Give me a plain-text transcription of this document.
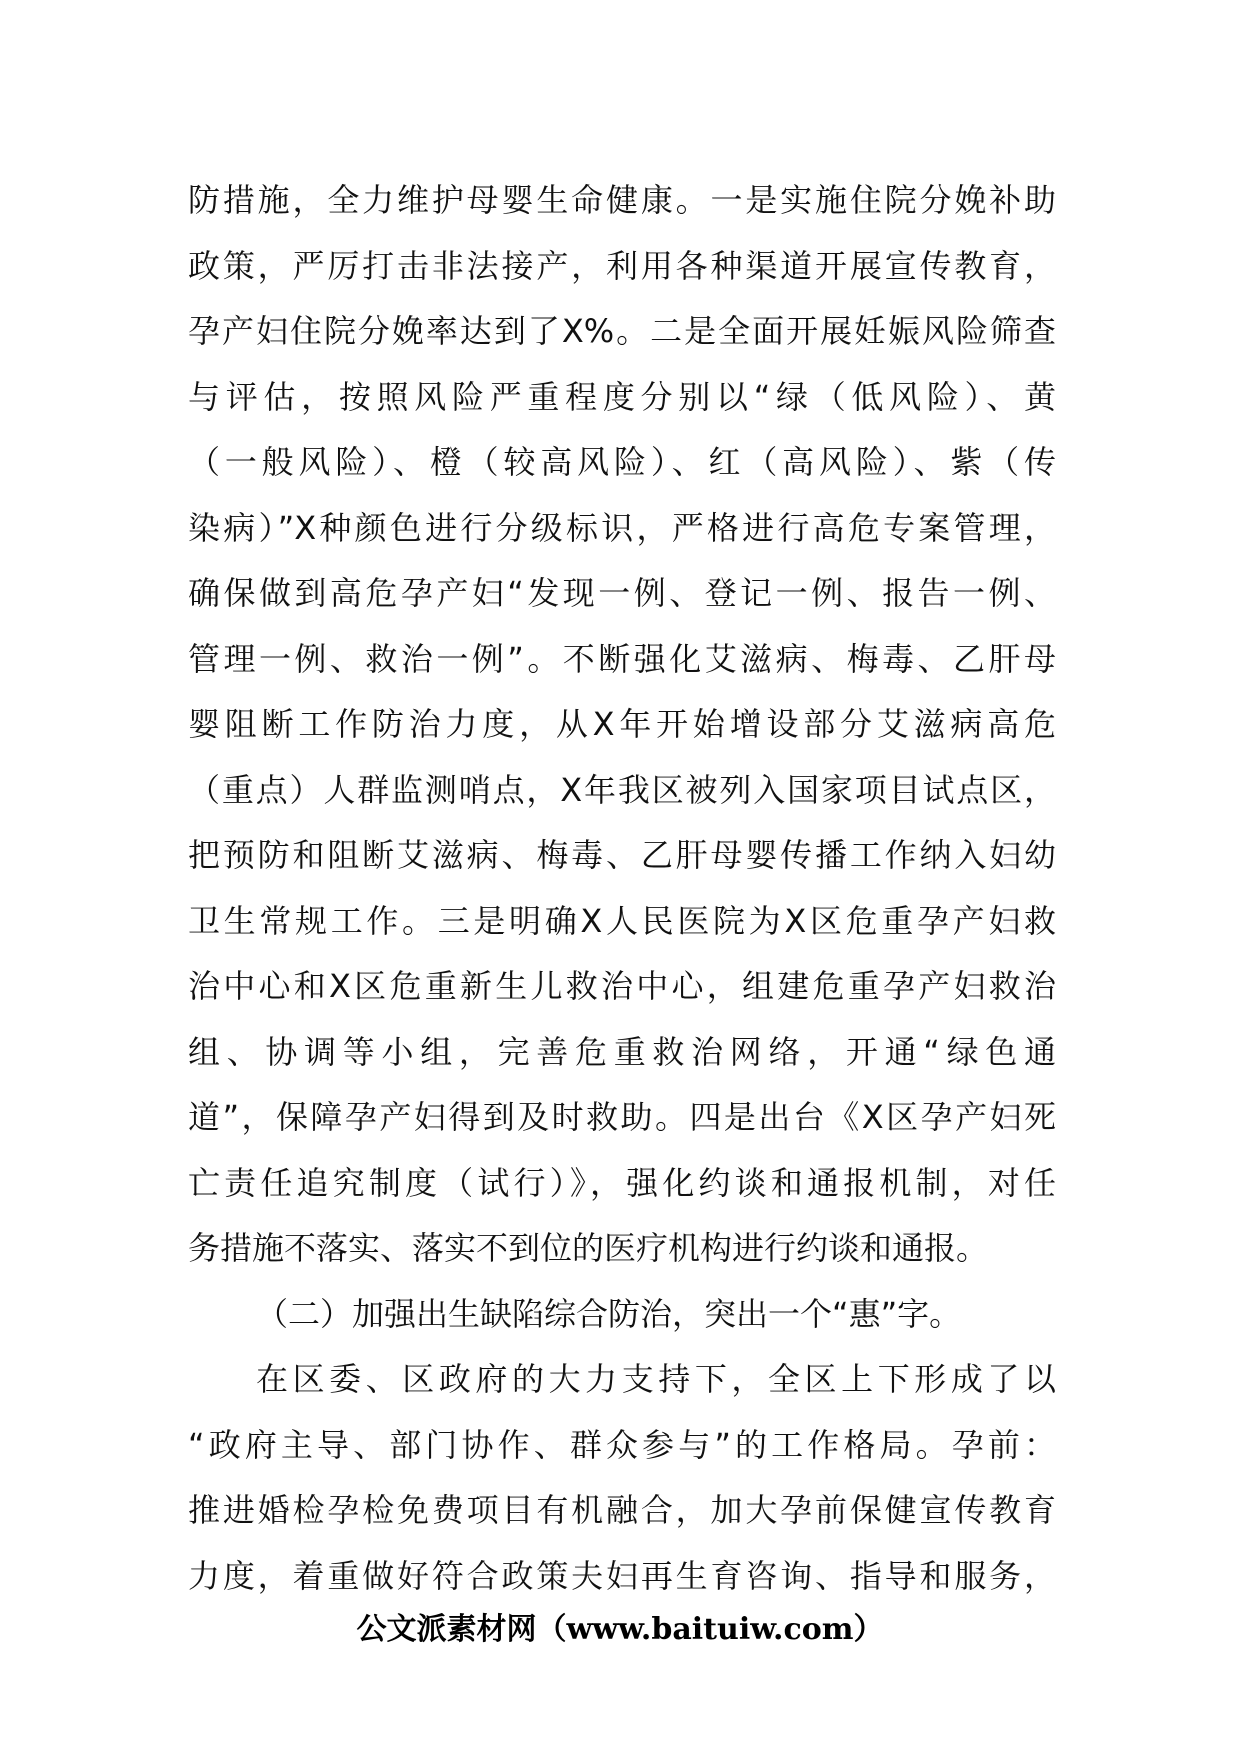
防措施，全力维护母婴生命健康。一是实施住院分娩补助
政策，严厉打击非法接产，利用各种渠道开展宣传教育，
孕产妇住院分娩率达到了X%。二是全面开展妊娠风险筛查
与评估，按照风险严重程度分别以“绿（低风险）、黄
（一般风险）、橙（较高风险）、红（高风险）、紫（传
染病）”X种颜色进行分级标识，严格进行高危专案管理，
确保做到高危孕产妇“发现一例、登记一例、报告一例、
管理一例、救治一例”。不断强化艾滋病、梅毒、乙肝母
婴阻断工作防治力度，从X年开始增设部分艾滋病高危
（重点）人群监测哨点，X年我区被列入国家项目试点区，
把预防和阻断艾滋病、梅毒、乙肝母婴传播工作纳入妇幼
卫生常规工作。三是明确X人民医院为X区危重孕产妇救
治中心和X区危重新生儿救治中心，组建危重孕产妇救治
组、协调等小组，完善危重救治网络，开通“绿色通
道”，保障孕产妇得到及时救助。四是出台《X区孕产妇死
亡责任追究制度（试行）》，强化约谈和通报机制，对任
务措施不落实、落实不到位的医疗机构进行约谈和通报。
（二）加强出生缺陷综合防治，突出一个“惠”字。
在区委、区政府的大力支持下，全区上下形成了以
“政府主导、部门协作、群众参与”的工作格局。孕前：
推进婚检孕检免费项目有机融合，加大孕前保健宣传教育
力度，着重做好符合政策夫妇再生育咨询、指导和服务，
公文派素材网（www.baituiw.com）
